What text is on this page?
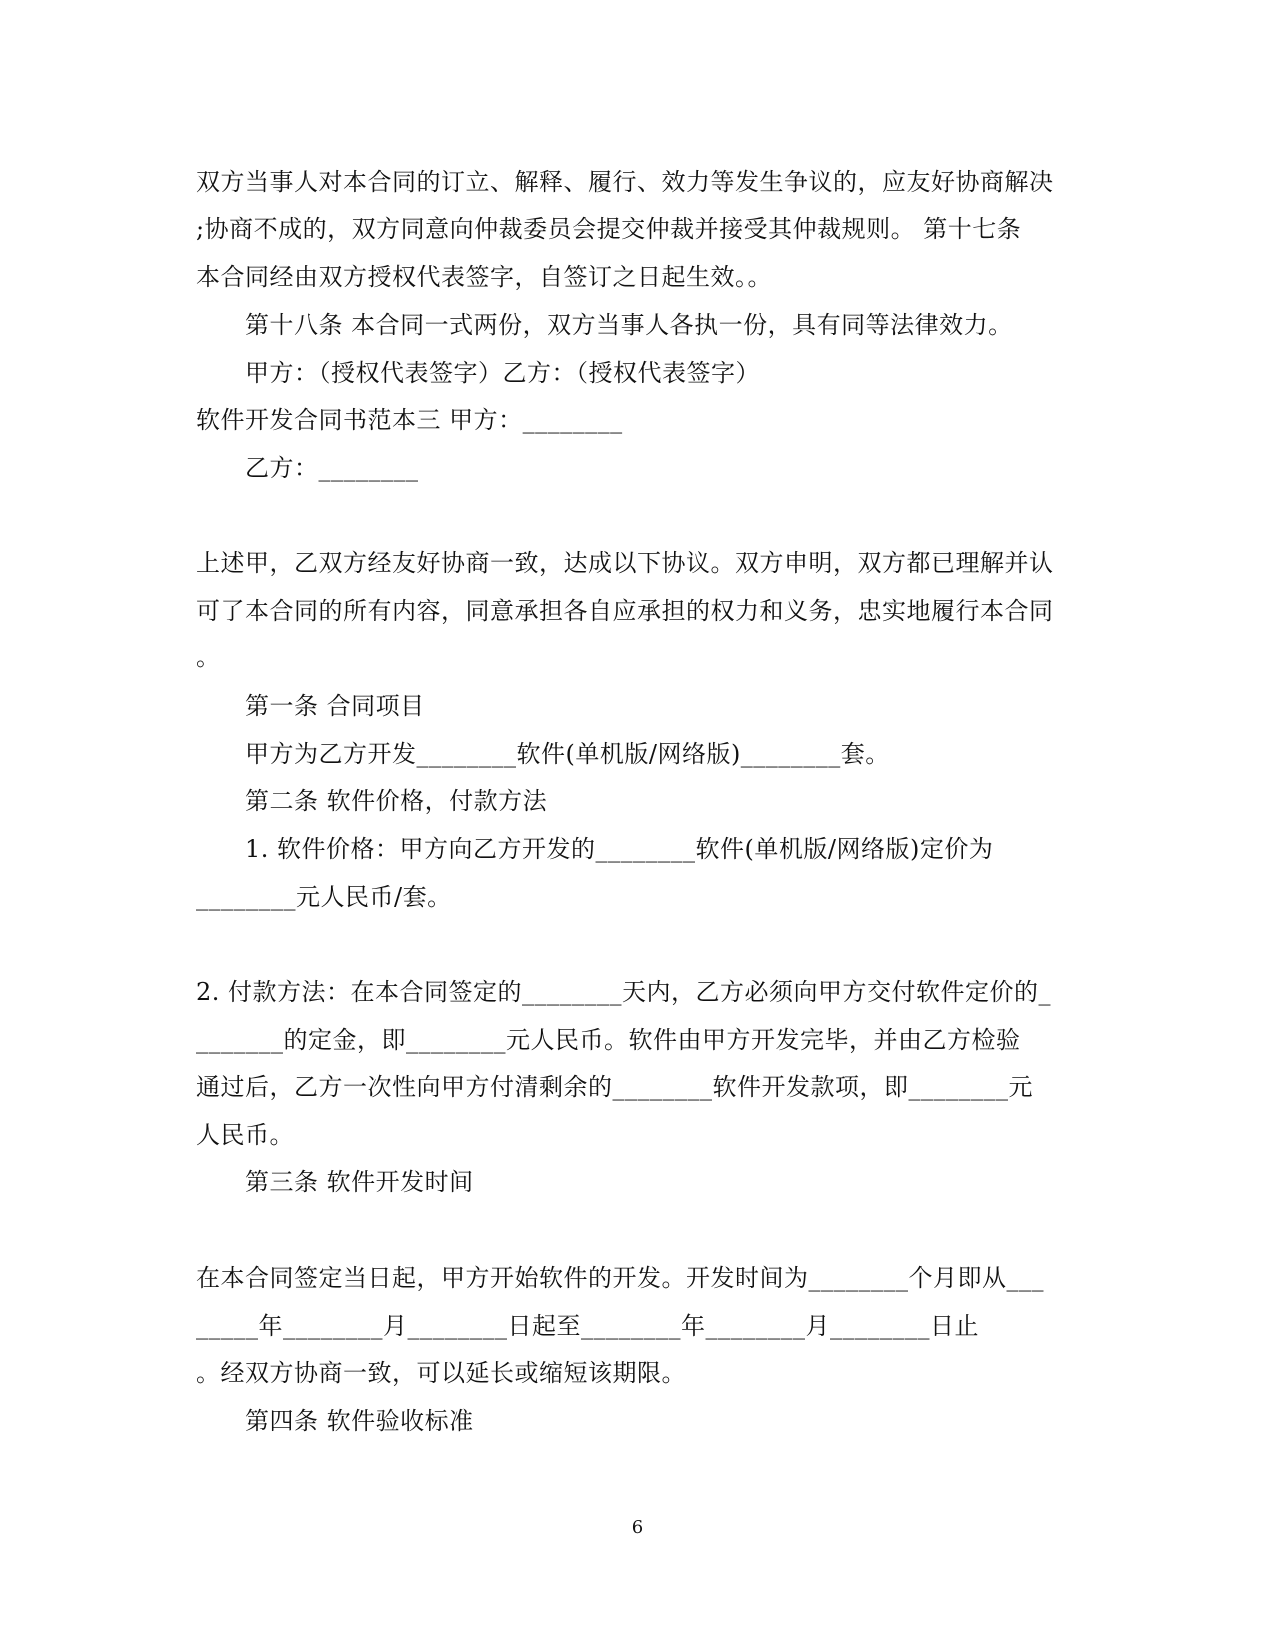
双方当事人对本合同的订立、解释、履行、效力等发生争议的，应友好协商解决
;协商不成的，双方同意向仲裁委员会提交仲裁并接受其仲裁规则。 第十七条
本合同经由双方授权代表签字，自签订之日起生效。。
第十八条 本合同一式两份，双方当事人各执一份，具有同等法律效力。
甲方：（授权代表签字）乙方：（授权代表签字）
软件开发合同书范本三 甲方：________
乙方：________
上述甲，乙双方经友好协商一致，达成以下协议。双方申明，双方都已理解并认
可了本合同的所有内容，同意承担各自应承担的权力和义务，忠实地履行本合同
。
第一条 合同项目
甲方为乙方开发________软件(单机版/网络版)________套。
第二条 软件价格，付款方法
1. 软件价格：甲方向乙方开发的________软件(单机版/网络版)定价为
________元人民币/套。
2. 付款方法：在本合同签定的________天内，乙方必须向甲方交付软件定价的_
_______的定金，即________元人民币。软件由甲方开发完毕，并由乙方检验
通过后，乙方一次性向甲方付清剩余的________软件开发款项，即________元
人民币。
第三条 软件开发时间
在本合同签定当日起，甲方开始软件的开发。开发时间为________个月即从___
_____年________月________日起至________年________月________日止
。经双方协商一致，可以延长或缩短该期限。
第四条 软件验收标准
6
